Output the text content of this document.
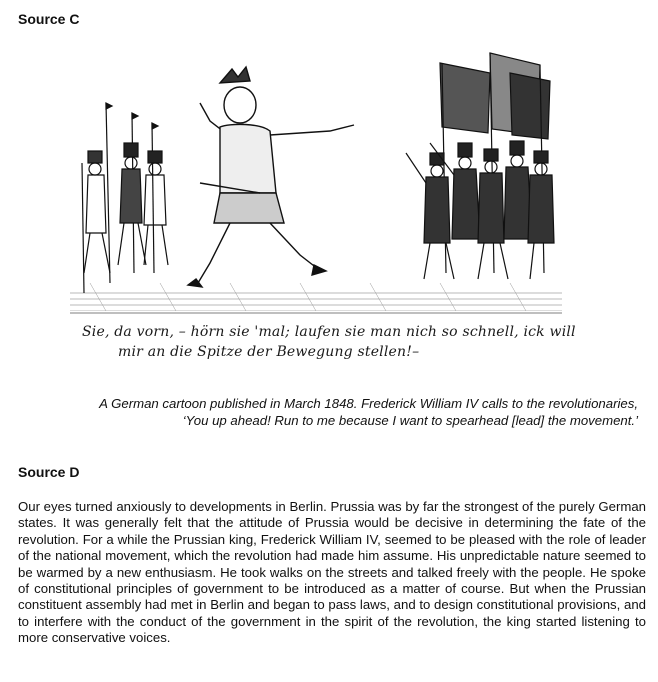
Source C
Sie, da vorn, – hörn sie 'mal; laufen sie man nich so schnell, ick will
mir an die Spitze der Bewegung stellen!–
A German cartoon published in March 1848. Frederick William IV calls to the revolutionaries,
‘You up ahead! Run to me because I want to spearhead [lead] the movement.’
Source D

Our eyes turned anxiously to developments in Berlin. Prussia was by far the strongest of the purely German states. It was generally felt that the attitude of Prussia would be decisive in determining the fate of the revolution. For a while the Prussian king, Frederick William IV, seemed to be pleased with the role of leader of the national movement, which the revolution had made him assume. His unpredictable nature seemed to be warmed by a new enthusiasm. He took walks on the streets and talked freely with the people. He spoke of constitutional principles of government to be introduced as a matter of course. But when the Prussian constituent assembly had met in Berlin and began to pass laws, and to design constitutional provisions, and to interfere with the conduct of the government in the spirit of the revolution, the king started listening to more conservative voices.
